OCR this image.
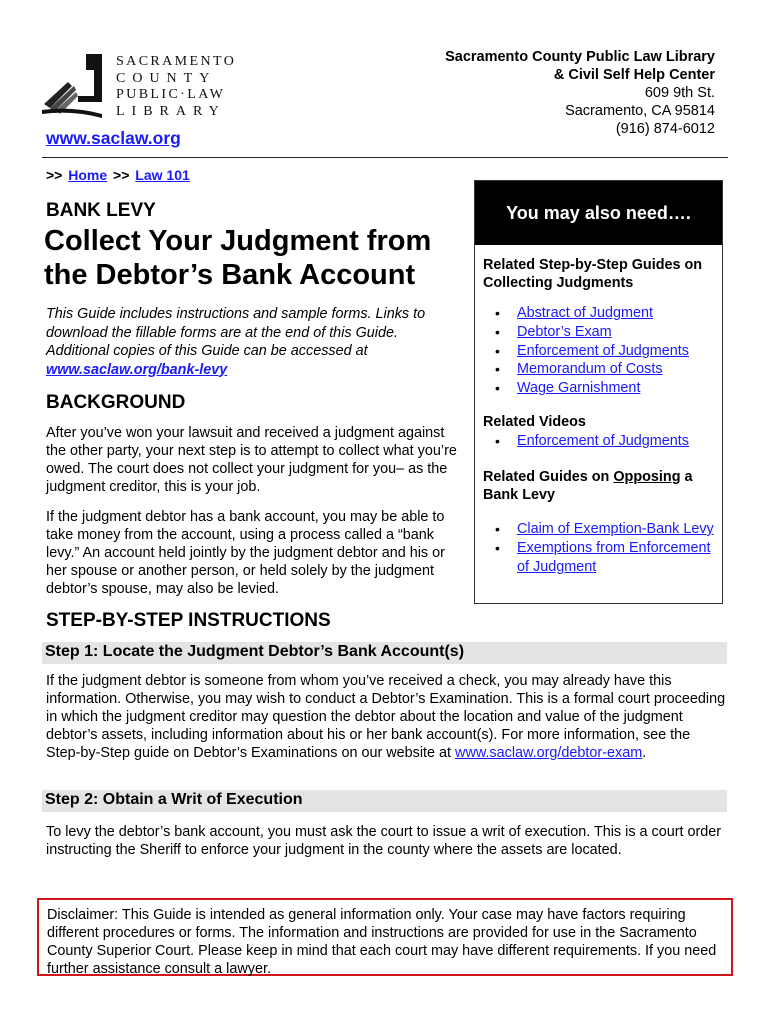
SACRAMENTO
COUNTY
PUBLIC·LAW
LIBRARY
www.saclaw.org
Sacramento County Public Law Library
& Civil Self Help Center
609 9th St.
Sacramento, CA 95814
(916) 874-6012
>> Home >> Law 101
BANK LEVY
Collect Your Judgment from the Debtor’s Bank Account
This Guide includes instructions and sample forms. Links to download the fillable forms are at the end of this Guide. Additional copies of this Guide can be accessed at www.saclaw.org/bank-levy
BACKGROUND
After you’ve won your lawsuit and received a judgment against the other party, your next step is to attempt to collect what you’re owed. The court does not collect your judgment for you– as the judgment creditor, this is your job.
If the judgment debtor has a bank account, you may be able to take money from the account, using a process called a “bank levy.” An account held jointly by the judgment debtor and his or her spouse or another person, or held solely by the judgment debtor’s spouse, may also be levied.
You may also need….
Related Step-by-Step Guides on Collecting Judgments
• Abstract of Judgment
• Debtor’s Exam
• Enforcement of Judgments
• Memorandum of Costs
• Wage Garnishment
Related Videos
• Enforcement of Judgments
Related Guides on Opposing a Bank Levy
• Claim of Exemption-Bank Levy
• Exemptions from Enforcement of Judgment
STEP-BY-STEP INSTRUCTIONS
Step 1: Locate the Judgment Debtor’s Bank Account(s)
If the judgment debtor is someone from whom you’ve received a check, you may already have this information. Otherwise, you may wish to conduct a Debtor’s Examination. This is a formal court proceeding in which the judgment creditor may question the debtor about the location and value of the judgment debtor’s assets, including information about his or her bank account(s). For more information, see the Step-by-Step guide on Debtor’s Examinations on our website at www.saclaw.org/debtor-exam.
Step 2: Obtain a Writ of Execution
To levy the debtor’s bank account, you must ask the court to issue a writ of execution. This is a court order instructing the Sheriff to enforce your judgment in the county where the assets are located.
Disclaimer: This Guide is intended as general information only. Your case may have factors requiring different procedures or forms. The information and instructions are provided for use in the Sacramento County Superior Court. Please keep in mind that each court may have different requirements. If you need further assistance consult a lawyer.
